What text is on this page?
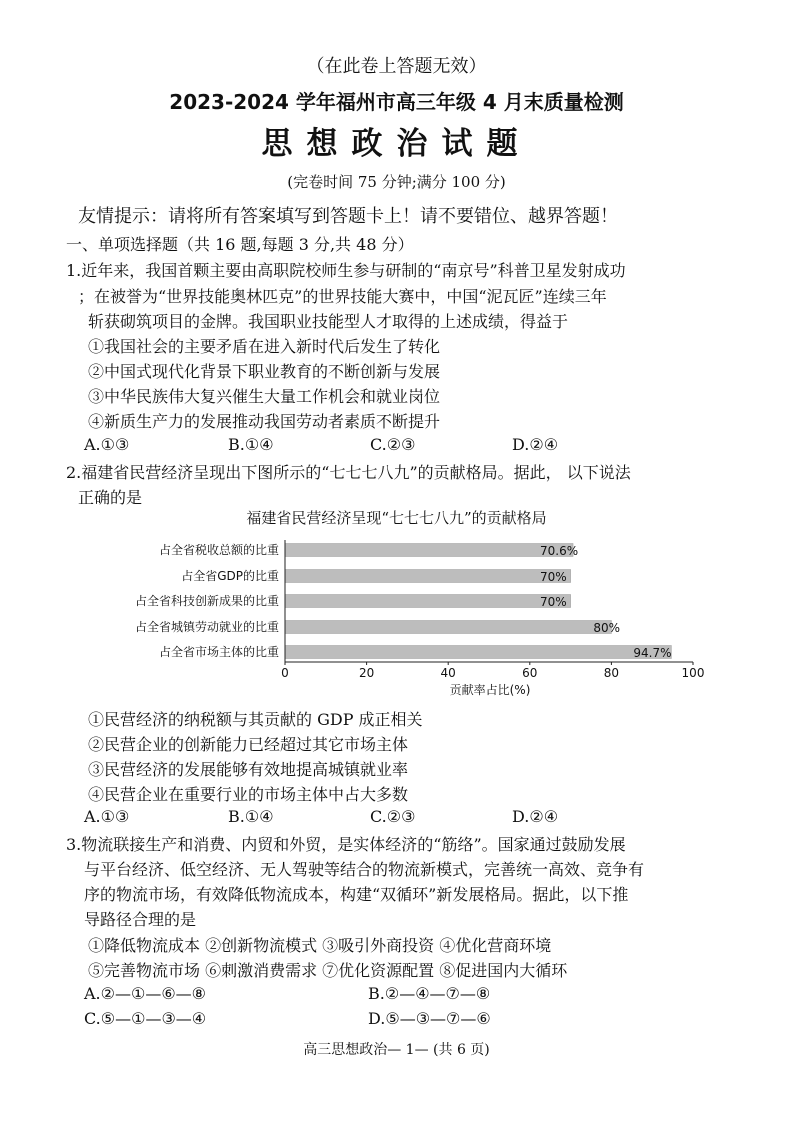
（在此卷上答题无效）
2023-2024 学年福州市高三年级 4 月末质量检测
思想政治试题
(完卷时间 75 分钟;满分 100 分)
友情提示：请将所有答案填写到答题卡上！请不要错位、越界答题！
一、单项选择题（共 16 题,每题 3 分,共 48 分）
1.近年来，我国首颗主要由高职院校师生参与研制的“南京号”科普卫星发射成功
；在被誉为“世界技能奥林匹克”的世界技能大赛中，中国“泥瓦匠”连续三年
斩获砌筑项目的金牌。我国职业技能型人才取得的上述成绩，得益于
①我国社会的主要矛盾在进入新时代后发生了转化
②中国式现代化背景下职业教育的不断创新与发展
③中华民族伟大复兴催生大量工作机会和就业岗位
④新质生产力的发展推动我国劳动者素质不断提升
A.①③	B.①④	C.②③	D.②④
2.福建省民营经济呈现出下图所示的“七七七八九”的贡献格局。据此， 以下说法
正确的是
福建省民营经济呈现“七七七八九”的贡献格局
占全省税收总额的比重
占全省GDP的比重
占全省科技创新成果的比重
占全省城镇劳动就业的比重
占全省市场主体的比重
70.6%
70%
70%
80%
94.7%
0	20	40	60	80	100
贡献率占比(%)
①民营经济的纳税额与其贡献的 GDP 成正相关
②民营企业的创新能力已经超过其它市场主体
③民营经济的发展能够有效地提高城镇就业率
④民营企业在重要行业的市场主体中占大多数
A.①③	B.①④	C.②③	D.②④
3.物流联接生产和消费、内贸和外贸，是实体经济的“筋络”。国家通过鼓励发展
与平台经济、低空经济、无人驾驶等结合的物流新模式，完善统一高效、竞争有
序的物流市场，有效降低物流成本，构建“双循环”新发展格局。据此，以下推
导路径合理的是
①降低物流成本 ②创新物流模式 ③吸引外商投资 ④优化营商环境
⑤完善物流市场 ⑥刺激消费需求 ⑦优化资源配置 ⑧促进国内大循环
A.②—①—⑥—⑧	B.②—④—⑦—⑧
C.⑤—①—③—④	D.⑤—③—⑦—⑥
高三思想政治— 1— (共 6 页)
